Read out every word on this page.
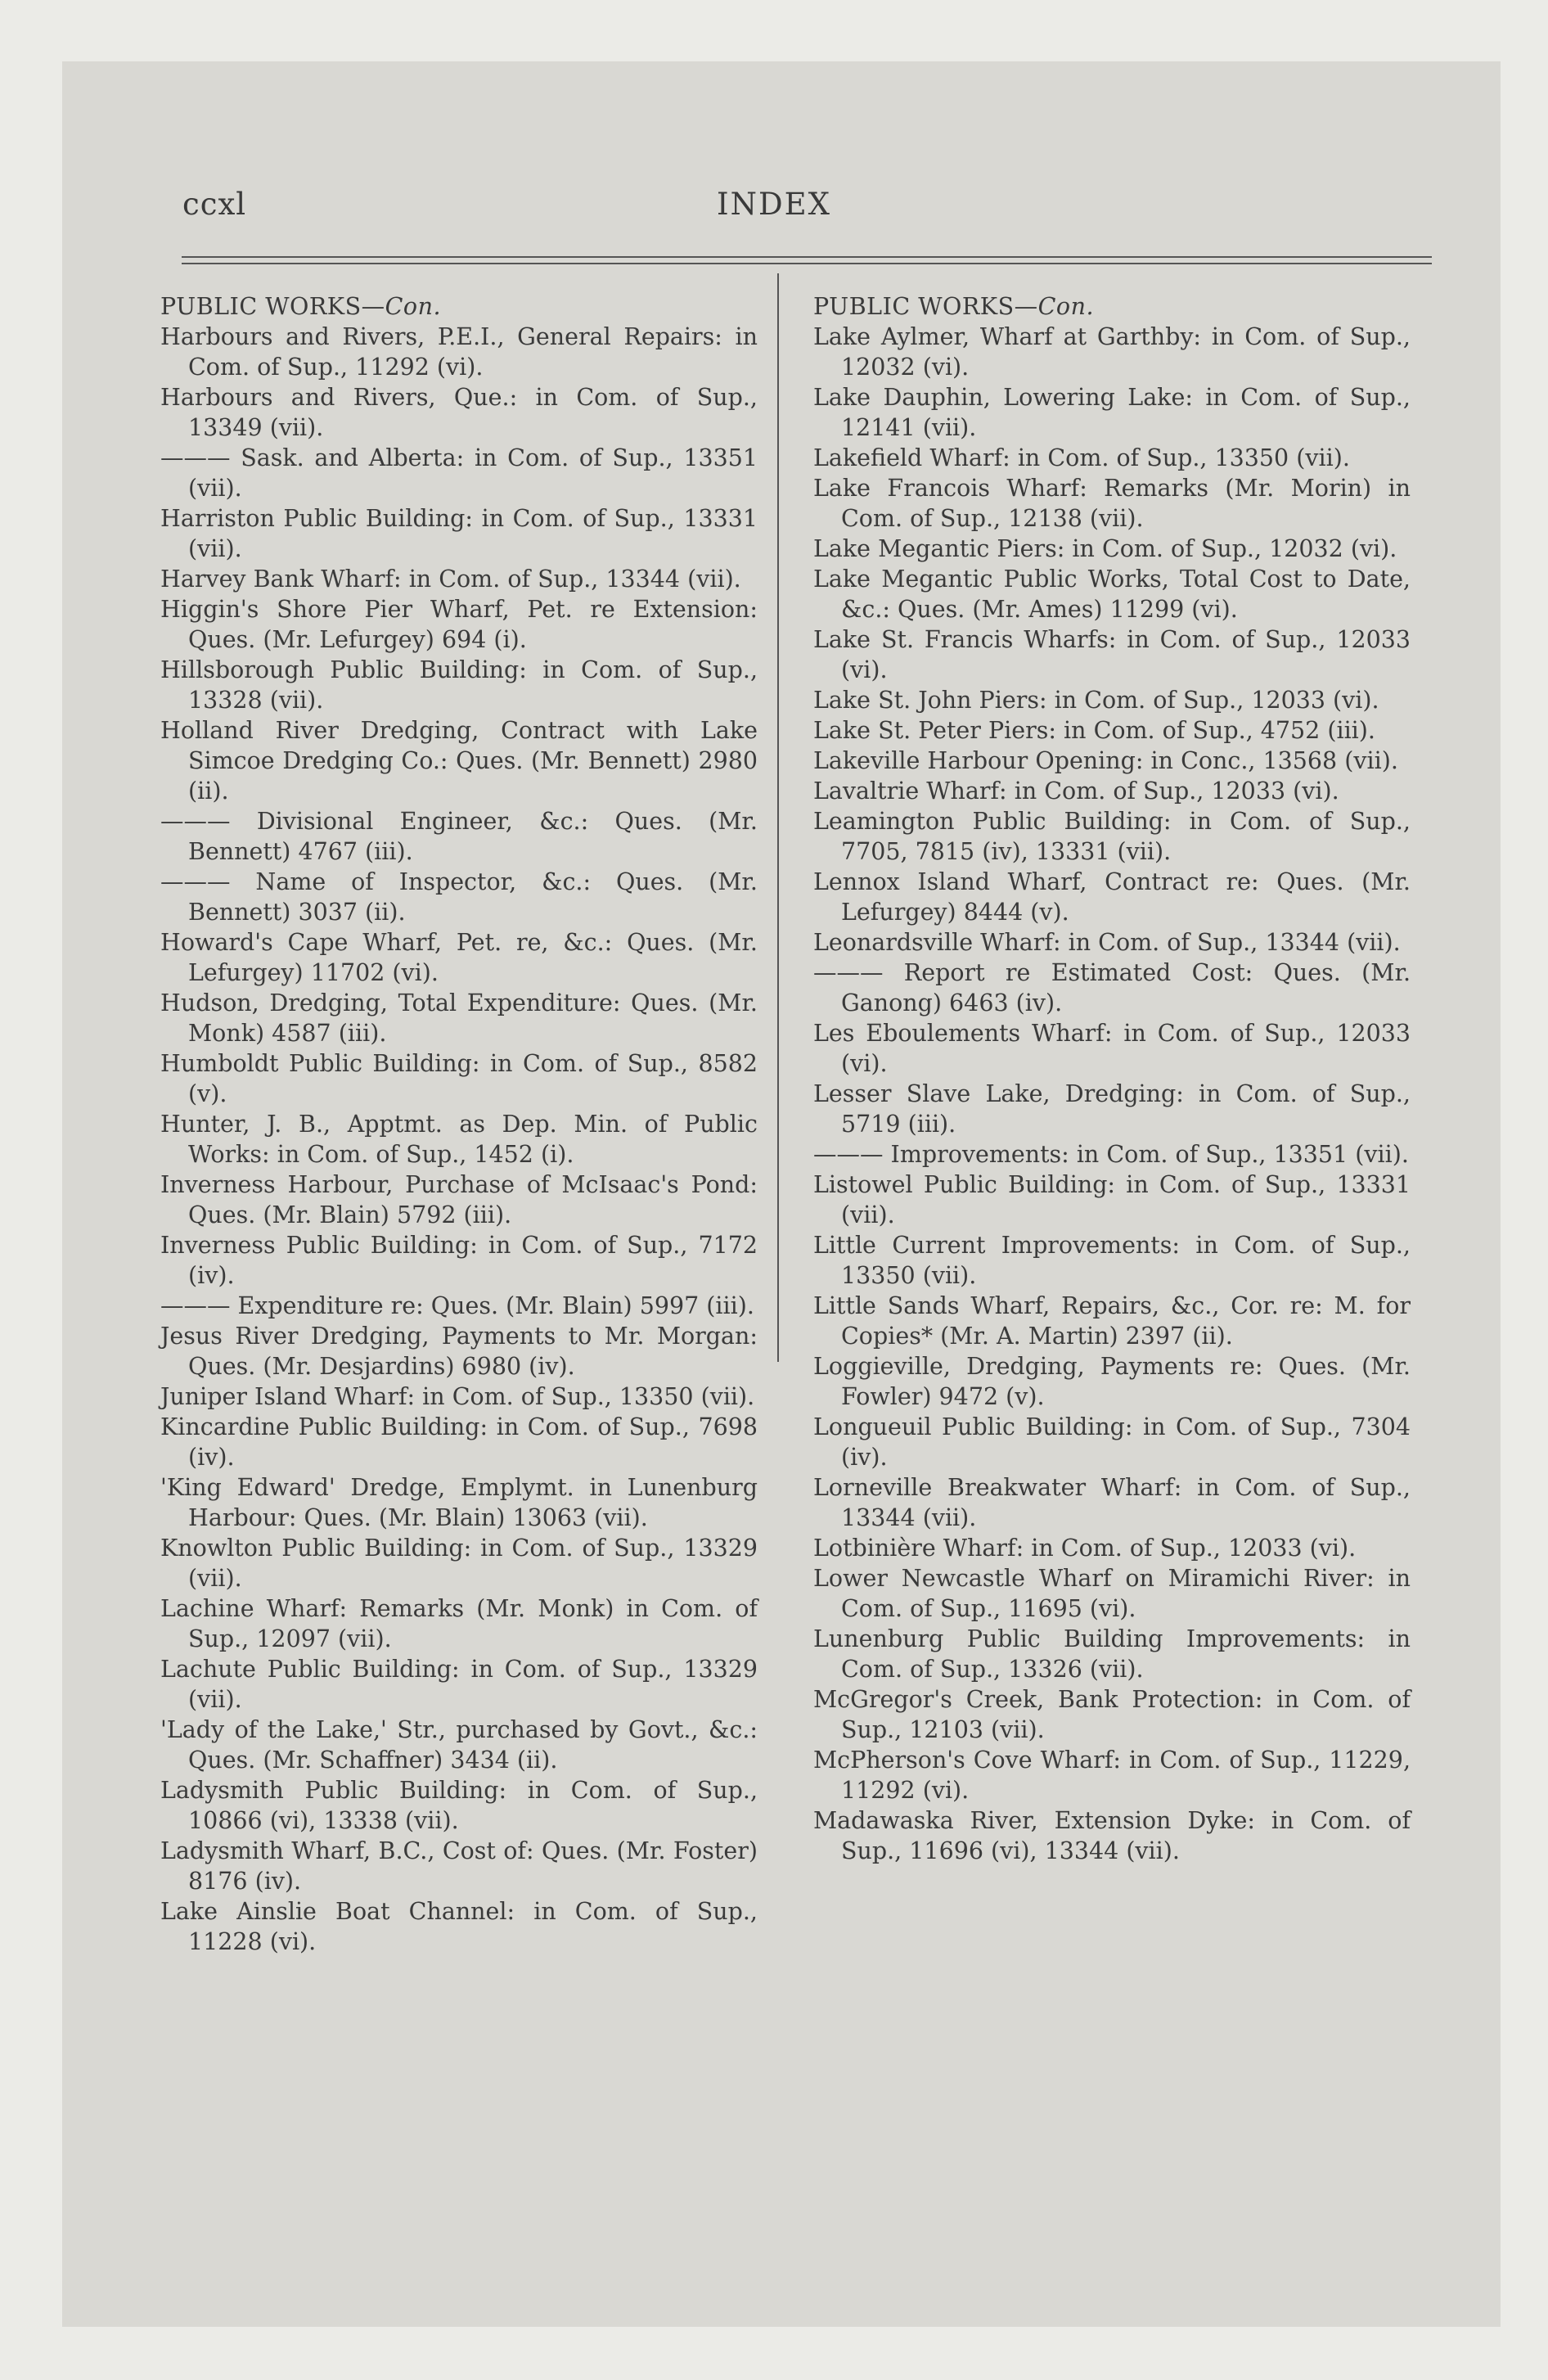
ccxl	INDEX
PUBLIC WORKS—Con.
Harbours and Rivers, P.E.I., General Repairs: in Com. of Sup., 11292 (vi).
Harbours and Rivers, Que.: in Com. of Sup., 13349 (vii).
——— Sask. and Alberta: in Com. of Sup., 13351 (vii).
Harriston Public Building: in Com. of Sup., 13331 (vii).
Harvey Bank Wharf: in Com. of Sup., 13344 (vii).
Higgin's Shore Pier Wharf, Pet. re Extension: Ques. (Mr. Lefurgey) 694 (i).
Hillsborough Public Building: in Com. of Sup., 13328 (vii).
Holland River Dredging, Contract with Lake Simcoe Dredging Co.: Ques. (Mr. Bennett) 2980 (ii).
——— Divisional Engineer, &c.: Ques. (Mr. Bennett) 4767 (iii).
——— Name of Inspector, &c.: Ques. (Mr. Bennett) 3037 (ii).
Howard's Cape Wharf, Pet. re, &c.: Ques. (Mr. Lefurgey) 11702 (vi).
Hudson, Dredging, Total Expenditure: Ques. (Mr. Monk) 4587 (iii).
Humboldt Public Building: in Com. of Sup., 8582 (v).
Hunter, J. B., Apptmt. as Dep. Min. of Public Works: in Com. of Sup., 1452 (i).
Inverness Harbour, Purchase of McIsaac's Pond: Ques. (Mr. Blain) 5792 (iii).
Inverness Public Building: in Com. of Sup., 7172 (iv).
——— Expenditure re: Ques. (Mr. Blain) 5997 (iii).
Jesus River Dredging, Payments to Mr. Morgan: Ques. (Mr. Desjardins) 6980 (iv).
Juniper Island Wharf: in Com. of Sup., 13350 (vii).
Kincardine Public Building: in Com. of Sup., 7698 (iv).
'King Edward' Dredge, Emplymt. in Lunenburg Harbour: Ques. (Mr. Blain) 13063 (vii).
Knowlton Public Building: in Com. of Sup., 13329 (vii).
Lachine Wharf: Remarks (Mr. Monk) in Com. of Sup., 12097 (vii).
Lachute Public Building: in Com. of Sup., 13329 (vii).
'Lady of the Lake,' Str., purchased by Govt., &c.: Ques. (Mr. Schaffner) 3434 (ii).
Ladysmith Public Building: in Com. of Sup., 10866 (vi), 13338 (vii).
Ladysmith Wharf, B.C., Cost of: Ques. (Mr. Foster) 8176 (iv).
Lake Ainslie Boat Channel: in Com. of Sup., 11228 (vi).
PUBLIC WORKS—Con.
Lake Aylmer, Wharf at Garthby: in Com. of Sup., 12032 (vi).
Lake Dauphin, Lowering Lake: in Com. of Sup., 12141 (vii).
Lakefield Wharf: in Com. of Sup., 13350 (vii).
Lake Francois Wharf: Remarks (Mr. Morin) in Com. of Sup., 12138 (vii).
Lake Megantic Piers: in Com. of Sup., 12032 (vi).
Lake Megantic Public Works, Total Cost to Date, &c.: Ques. (Mr. Ames) 11299 (vi).
Lake St. Francis Wharfs: in Com. of Sup., 12033 (vi).
Lake St. John Piers: in Com. of Sup., 12033 (vi).
Lake St. Peter Piers: in Com. of Sup., 4752 (iii).
Lakeville Harbour Opening: in Conc., 13568 (vii).
Lavaltrie Wharf: in Com. of Sup., 12033 (vi).
Leamington Public Building: in Com. of Sup., 7705, 7815 (iv), 13331 (vii).
Lennox Island Wharf, Contract re: Ques. (Mr. Lefurgey) 8444 (v).
Leonardsville Wharf: in Com. of Sup., 13344 (vii).
——— Report re Estimated Cost: Ques. (Mr. Ganong) 6463 (iv).
Les Eboulements Wharf: in Com. of Sup., 12033 (vi).
Lesser Slave Lake, Dredging: in Com. of Sup., 5719 (iii).
——— Improvements: in Com. of Sup., 13351 (vii).
Listowel Public Building: in Com. of Sup., 13331 (vii).
Little Current Improvements: in Com. of Sup., 13350 (vii).
Little Sands Wharf, Repairs, &c., Cor. re: M. for Copies* (Mr. A. Martin) 2397 (ii).
Loggieville, Dredging, Payments re: Ques. (Mr. Fowler) 9472 (v).
Longueuil Public Building: in Com. of Sup., 7304 (iv).
Lorneville Breakwater Wharf: in Com. of Sup., 13344 (vii).
Lotbinière Wharf: in Com. of Sup., 12033 (vi).
Lower Newcastle Wharf on Miramichi River: in Com. of Sup., 11695 (vi).
Lunenburg Public Building Improvements: in Com. of Sup., 13326 (vii).
McGregor's Creek, Bank Protection: in Com. of Sup., 12103 (vii).
McPherson's Cove Wharf: in Com. of Sup., 11229, 11292 (vi).
Madawaska River, Extension Dyke: in Com. of Sup., 11696 (vi), 13344 (vii).
